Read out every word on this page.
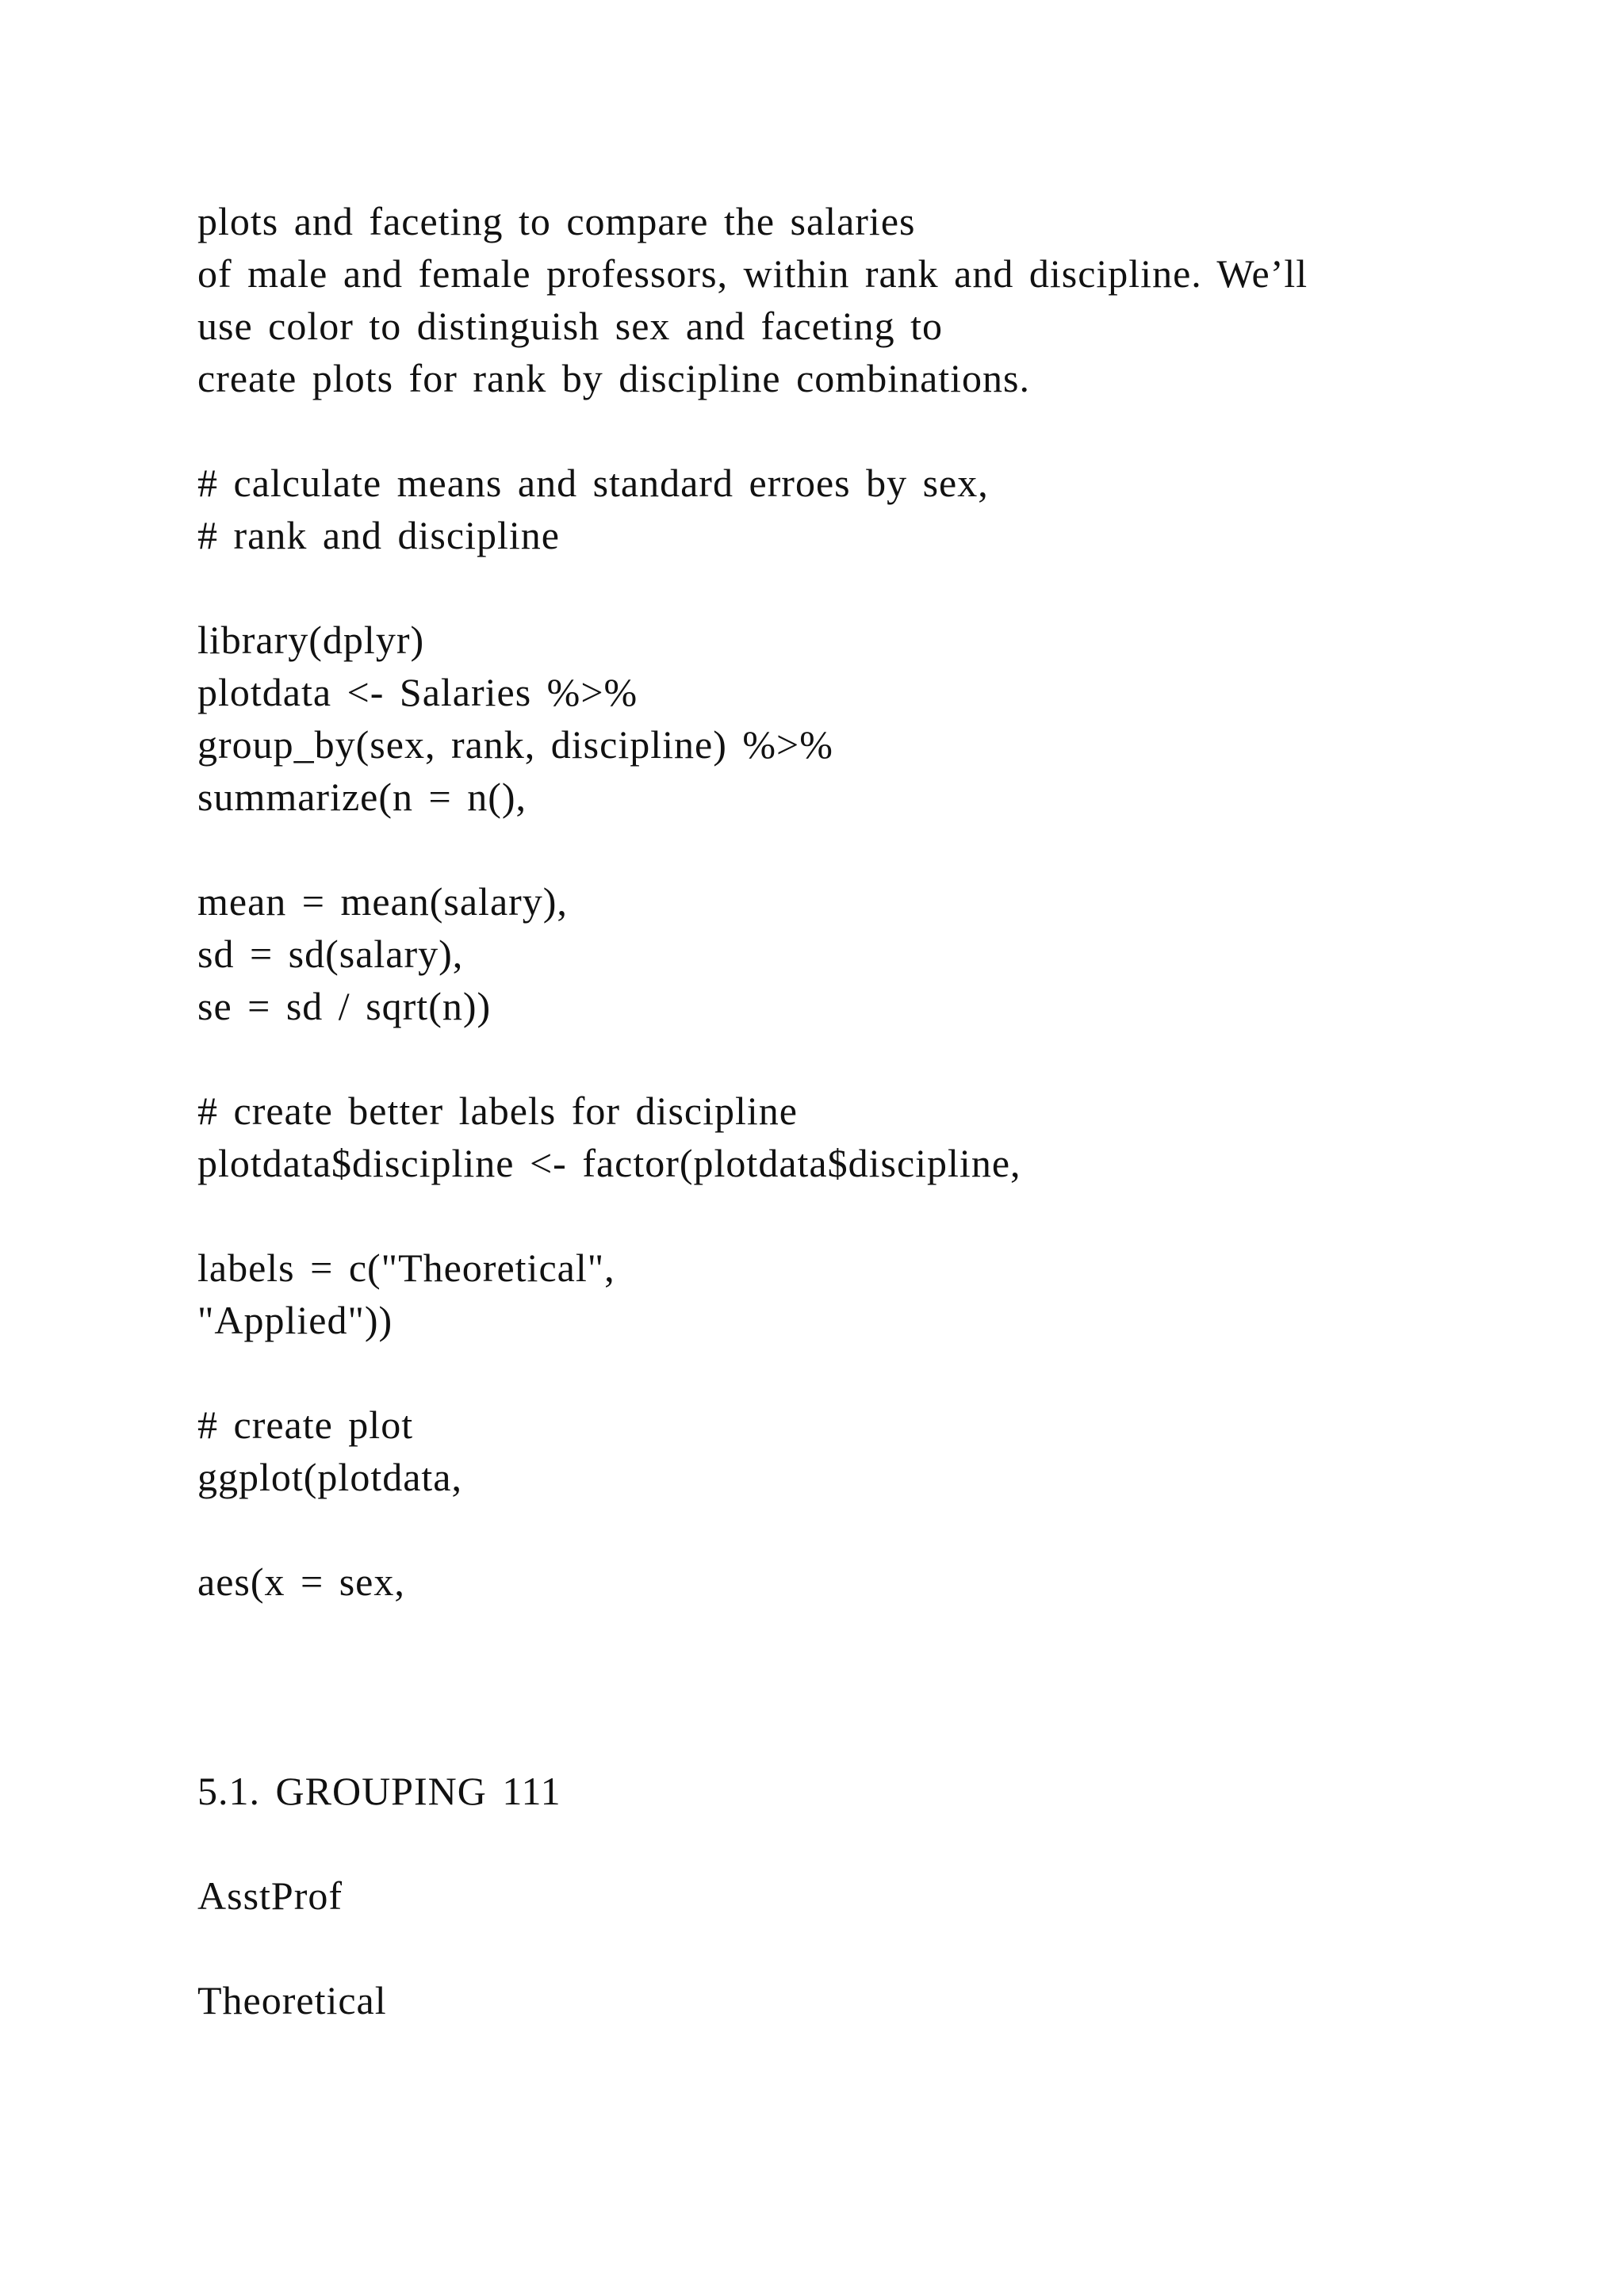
plots and faceting to compare the salaries
of male and female professors, within rank and discipline. We’ll
use color to distinguish sex and faceting to
create plots for rank by discipline combinations.
# calculate means and standard erroes by sex,
# rank and discipline
library(dplyr)
plotdata <- Salaries %>%
group_by(sex, rank, discipline) %>%
summarize(n = n(),
mean = mean(salary),
sd = sd(salary),
se = sd / sqrt(n))
# create better labels for discipline
plotdata$discipline <- factor(plotdata$discipline,
labels = c("Theoretical",
"Applied"))
# create plot
ggplot(plotdata,
aes(x = sex,
5.1. GROUPING 111
AsstProf
Theoretical
